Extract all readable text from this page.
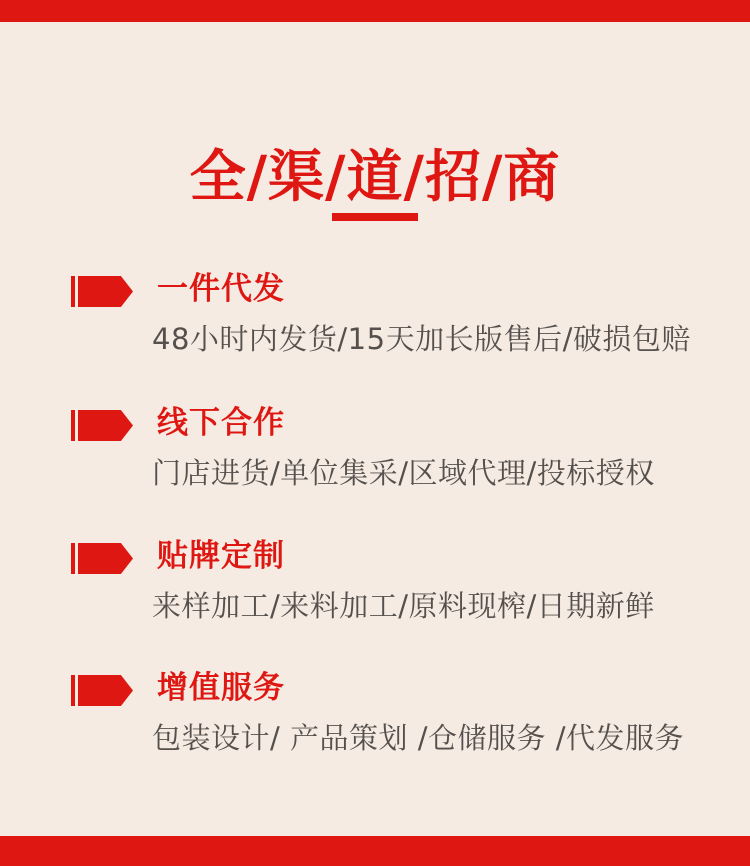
全/渠/道/招/商
一件代发

48小时内发货/15天加长版售后/破损包赔

线下合作

门店进货/单位集采/区域代理/投标授权

贴牌定制

来样加工/来料加工/原料现榨/日期新鲜

增值服务

包装设计/ 产品策划 /仓储服务 /代发服务
